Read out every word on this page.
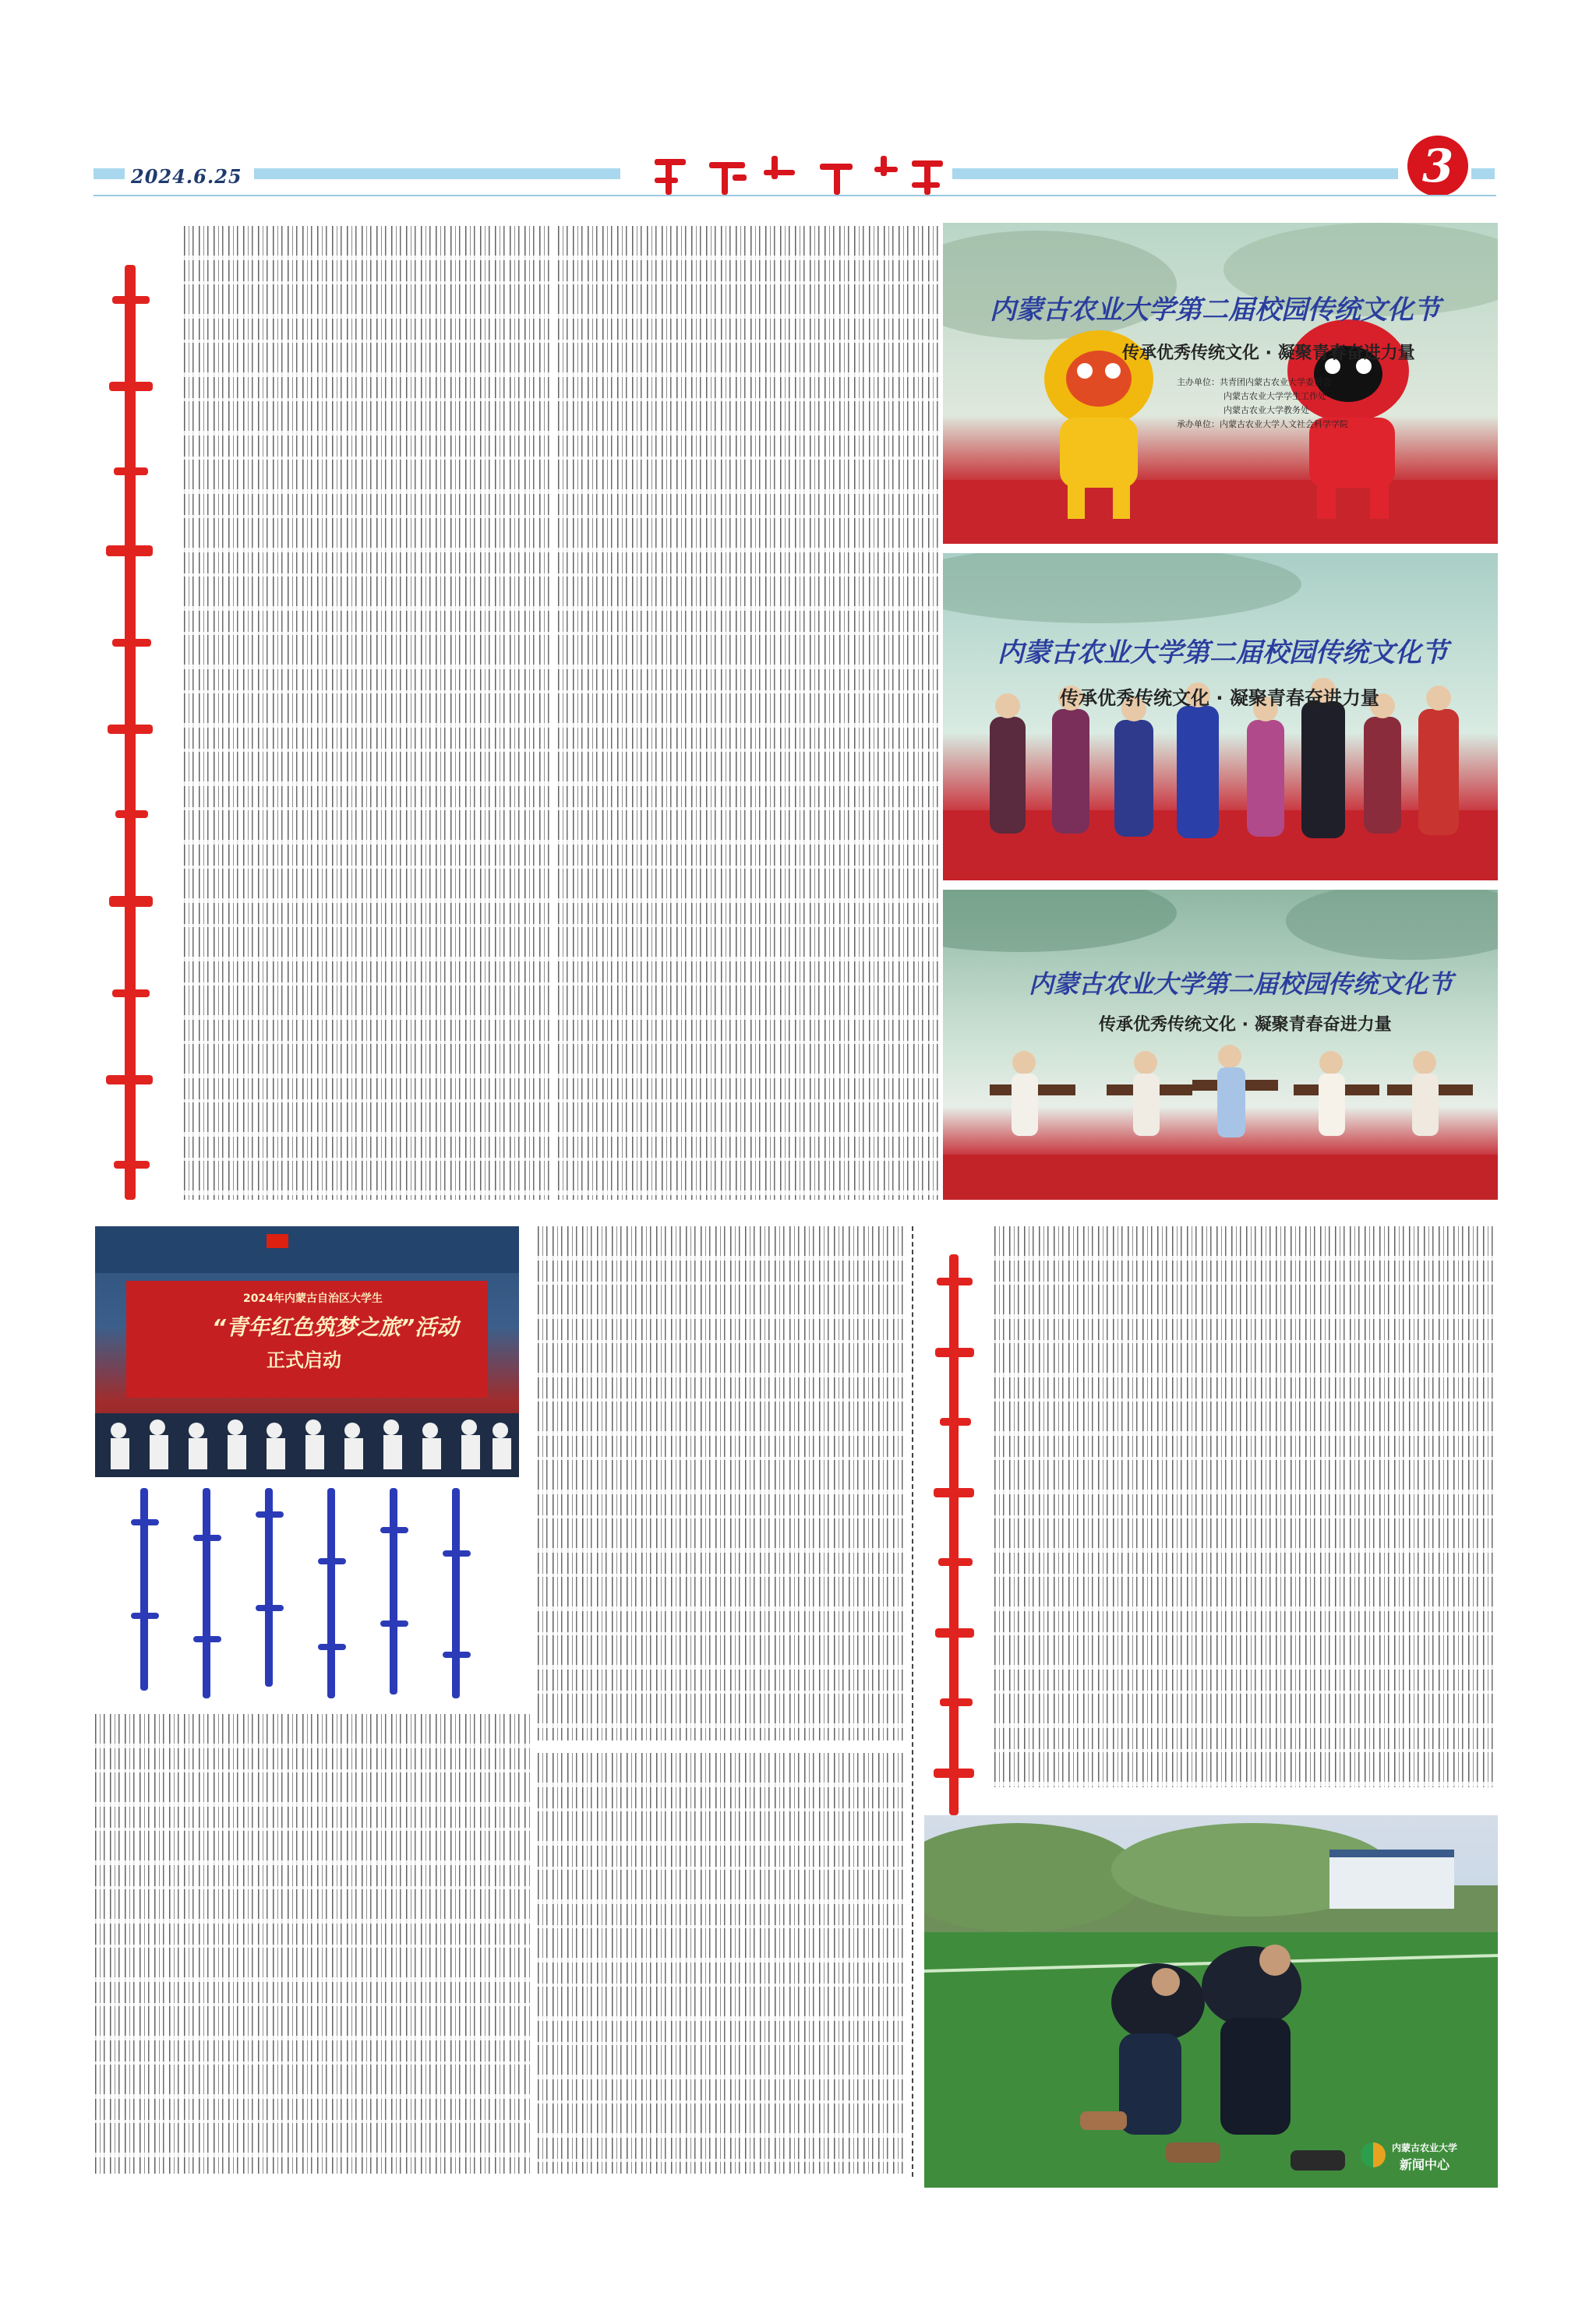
2024.6.25	3
内蒙古农业大学第二届校园传统文化节
传承优秀传统文化 · 凝聚青春奋进力量
主办单位：共青团内蒙古农业大学委员会
内蒙古农业大学学生工作处
内蒙古农业大学教务处
承办单位：内蒙古农业大学人文社会科学学院
内蒙古农业大学第二届校园传统文化节
传承优秀传统文化 · 凝聚青春奋进力量
内蒙古农业大学第二届校园传统文化节
传承优秀传统文化 · 凝聚青春奋进力量
2024年内蒙古自治区大学生
“青年红色筑梦之旅”活动
正式启动
内蒙古农业大学
新闻中心
